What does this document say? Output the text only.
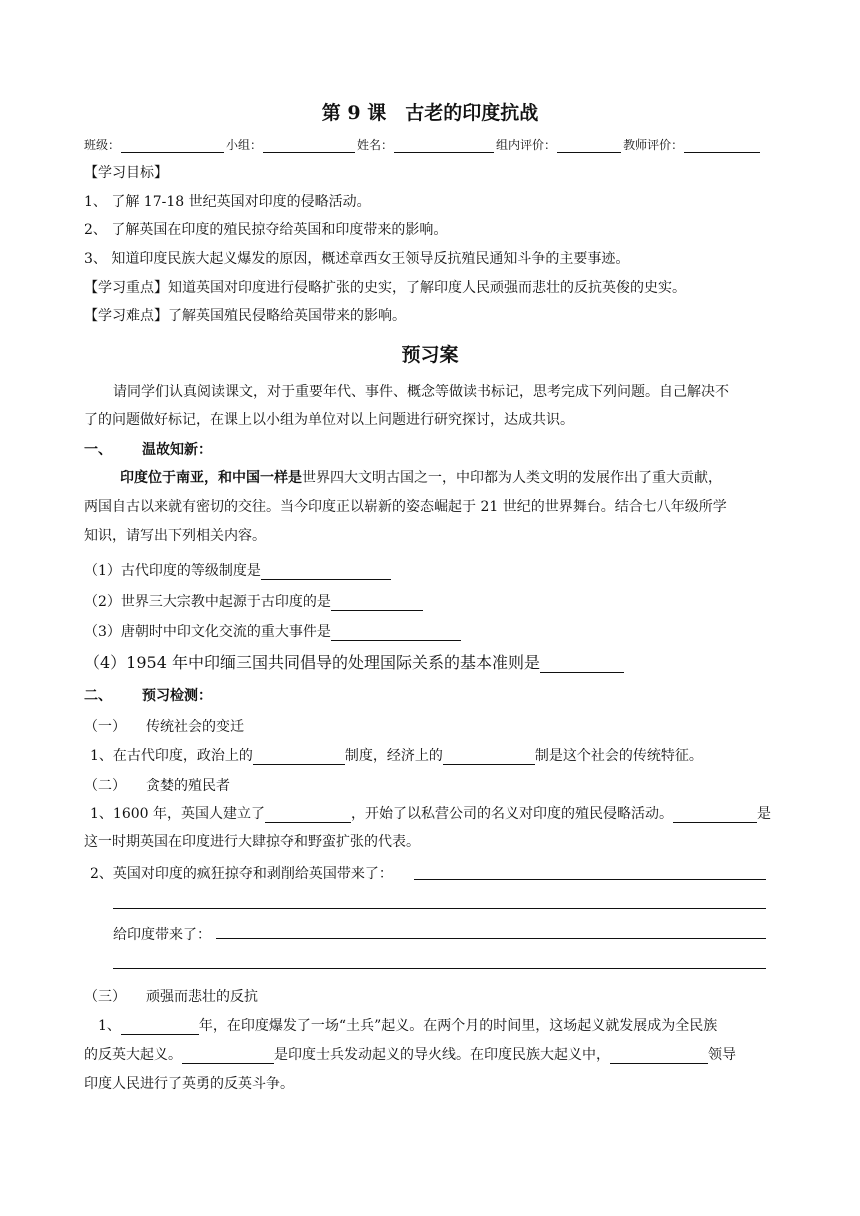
第 9 课　古老的印度抗战
班级：	小组：	姓名：	组内评价：	教师评价：
【学习目标】
1、 了解 17-18 世纪英国对印度的侵略活动。
2、 了解英国在印度的殖民掠夺给英国和印度带来的影响。
3、 知道印度民族大起义爆发的原因，概述章西女王领导反抗殖民通知斗争的主要事迹。
【学习重点】知道英国对印度进行侵略扩张的史实，了解印度人民顽强而悲壮的反抗英俊的史实。
【学习难点】了解英国殖民侵略给英国带来的影响。
预习案
请同学们认真阅读课文，对于重要年代、事件、概念等做读书标记，思考完成下列问题。自己解决不
了的问题做好标记，在课上以小组为单位对以上问题进行研究探讨，达成共识。
一、 温故知新：
印度位于南亚，和中国一样是世界四大文明古国之一，中印都为人类文明的发展作出了重大贡献，
两国自古以来就有密切的交往。当今印度正以崭新的姿态崛起于 21 世纪的世界舞台。结合七八年级所学
知识，请写出下列相关内容。
（1）古代印度的等级制度是
（2）世界三大宗教中起源于古印度的是
（3）唐朝时中印文化交流的重大事件是
（4）1954 年中印缅三国共同倡导的处理国际关系的基本准则是
二、 预习检测：
（一） 传统社会的变迁
1、在古代印度，政治上的	制度，经济上的	制是这个社会的传统特征。
（二） 贪婪的殖民者
1、1600 年，英国人建立了	，开始了以私营公司的名义对印度的殖民侵略活动。	是
这一时期英国在印度进行大肆掠夺和野蛮扩张的代表。
2、英国对印度的疯狂掠夺和剥削给英国带来了：
给印度带来了：
（三） 顽强而悲壮的反抗
1、	年，在印度爆发了一场“土兵”起义。在两个月的时间里，这场起义就发展成为全民族
的反英大起义。	是印度士兵发动起义的导火线。在印度民族大起义中，	领导
印度人民进行了英勇的反英斗争。
